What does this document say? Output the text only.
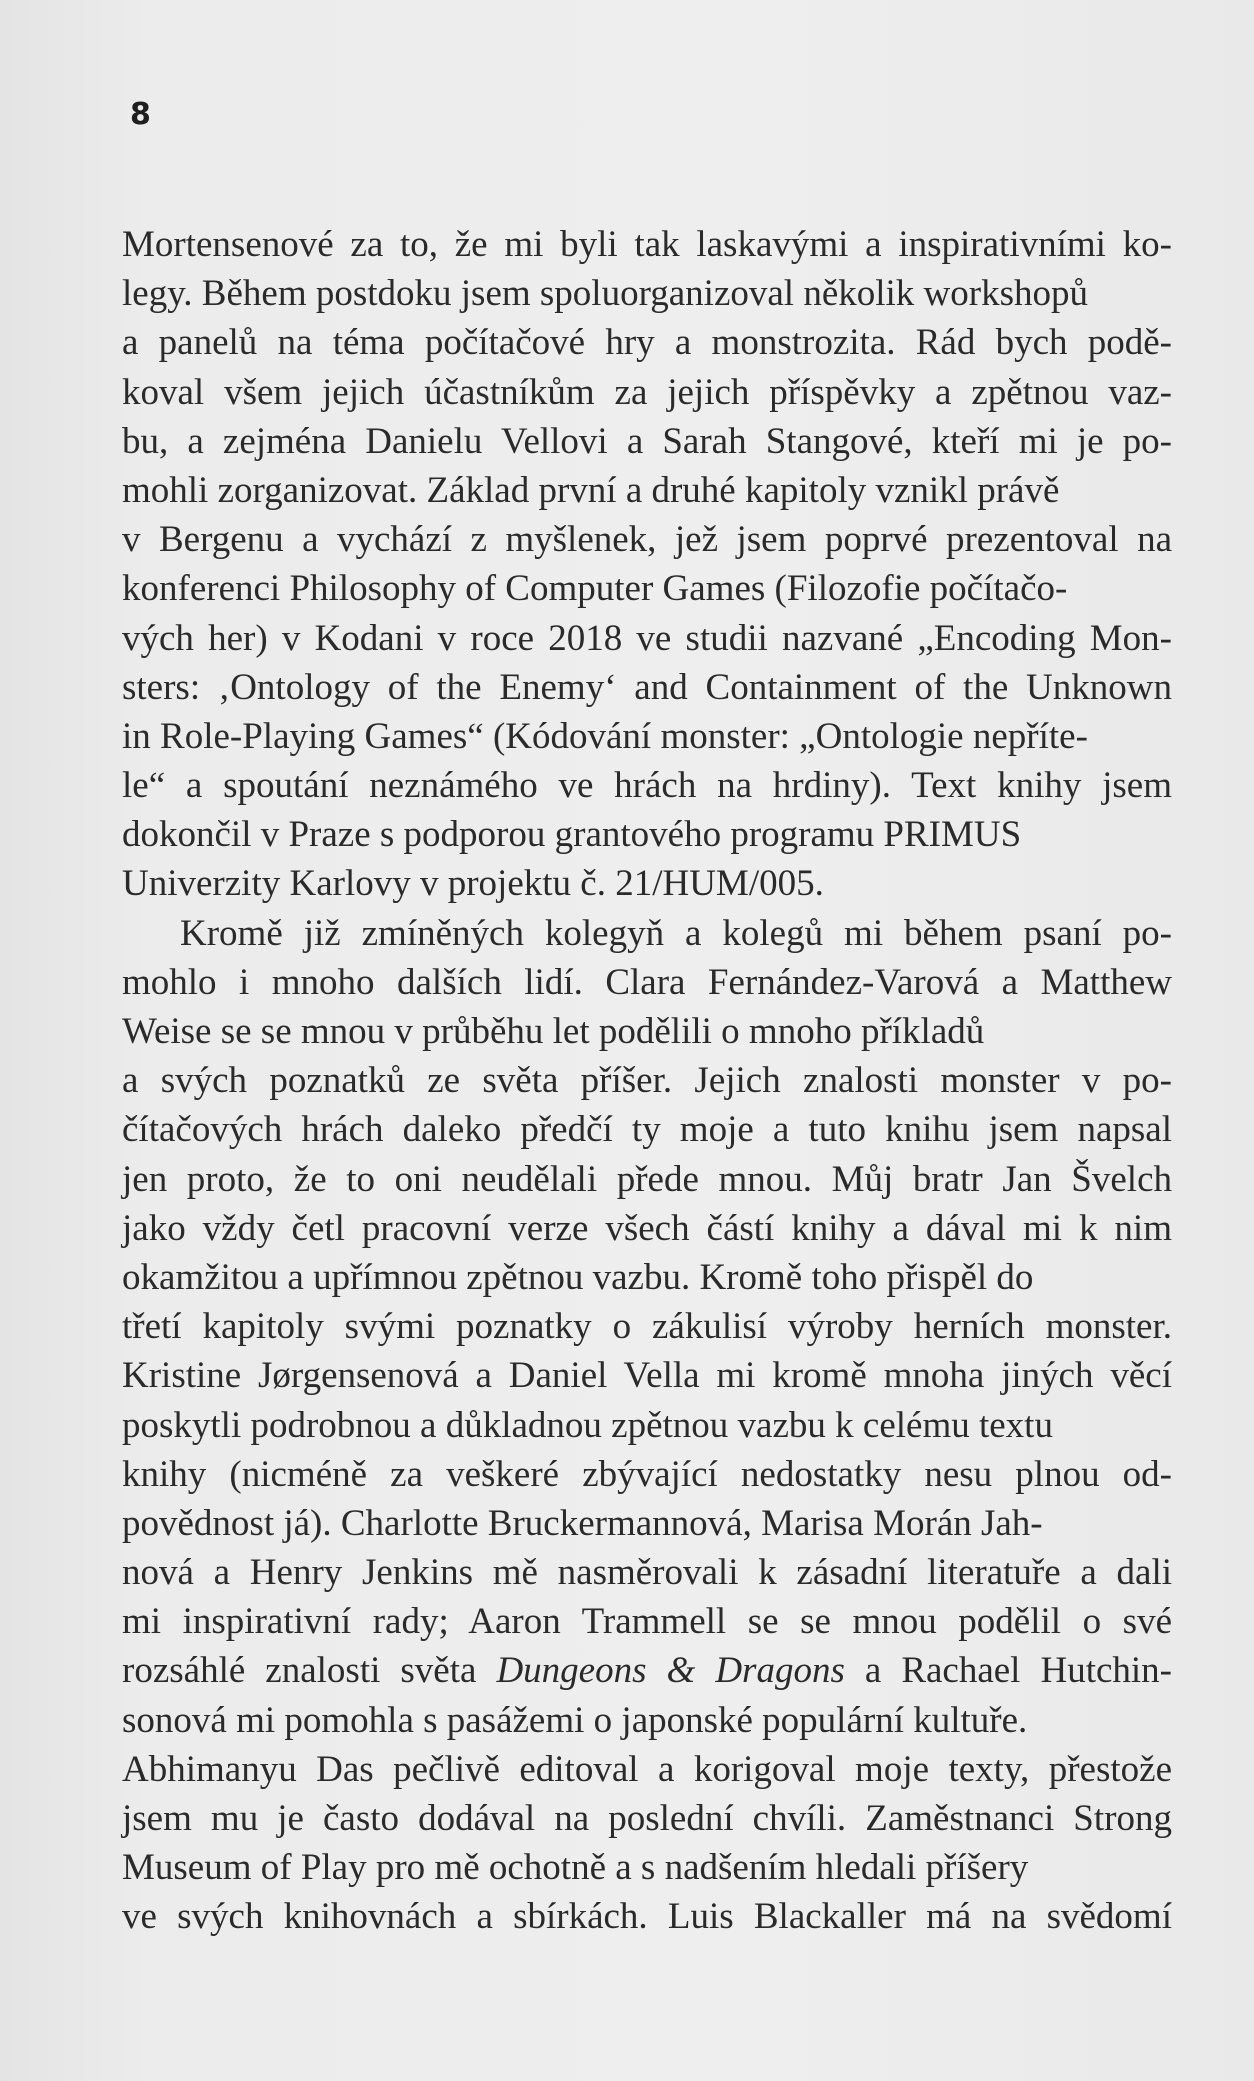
8
Mortensenové za to, že mi byli tak laskavými a inspirativními ko-
legy. Během postdoku jsem spoluorganizoval několik workshopů
a panelů na téma počítačové hry a monstrozita. Rád bych podě-
koval všem jejich účastníkům za jejich příspěvky a zpětnou vaz-
bu, a zejména Danielu Vellovi a Sarah Stangové, kteří mi je po-
mohli zorganizovat. Základ první a druhé kapitoly vznikl právě
v Bergenu a vychází z myšlenek, jež jsem poprvé prezentoval na
konferenci Philosophy of Computer Games (Filozofie počítačo-
vých her) v Kodani v roce 2018 ve studii nazvané „Encoding Mon-
sters: ‚Ontology of the Enemy‘ and Containment of the Unknown
in Role-Playing Games“ (Kódování monster: „Ontologie nepříte-
le“ a spoutání neznámého ve hrách na hrdiny). Text knihy jsem
dokončil v Praze s podporou grantového programu PRIMUS
Univerzity Karlovy v projektu č. 21/HUM/005.
Kromě již zmíněných kolegyň a kolegů mi během psaní po-
mohlo i mnoho dalších lidí. Clara Fernández-Varová a Matthew
Weise se se mnou v průběhu let podělili o mnoho příkladů
a svých poznatků ze světa příšer. Jejich znalosti monster v po-
čítačových hrách daleko předčí ty moje a tuto knihu jsem napsal
jen proto, že to oni neudělali přede mnou. Můj bratr Jan Švelch
jako vždy četl pracovní verze všech částí knihy a dával mi k nim
okamžitou a upřímnou zpětnou vazbu. Kromě toho přispěl do
třetí kapitoly svými poznatky o zákulisí výroby herních monster.
Kristine Jørgensenová a Daniel Vella mi kromě mnoha jiných věcí
poskytli podrobnou a důkladnou zpětnou vazbu k celému textu
knihy (nicméně za veškeré zbývající nedostatky nesu plnou od-
povědnost já). Charlotte Bruckermannová, Marisa Morán Jah-
nová a Henry Jenkins mě nasměrovali k zásadní literatuře a dali
mi inspirativní rady; Aaron Trammell se se mnou podělil o své
rozsáhlé znalosti světa Dungeons & Dragons a Rachael Hutchin-
sonová mi pomohla s pasážemi o japonské populární kultuře.
Abhimanyu Das pečlivě editoval a korigoval moje texty, přestože
jsem mu je často dodával na poslední chvíli. Zaměstnanci Strong
Museum of Play pro mě ochotně a s nadšením hledali příšery
ve svých knihovnách a sbírkách. Luis Blackaller má na svědomí
